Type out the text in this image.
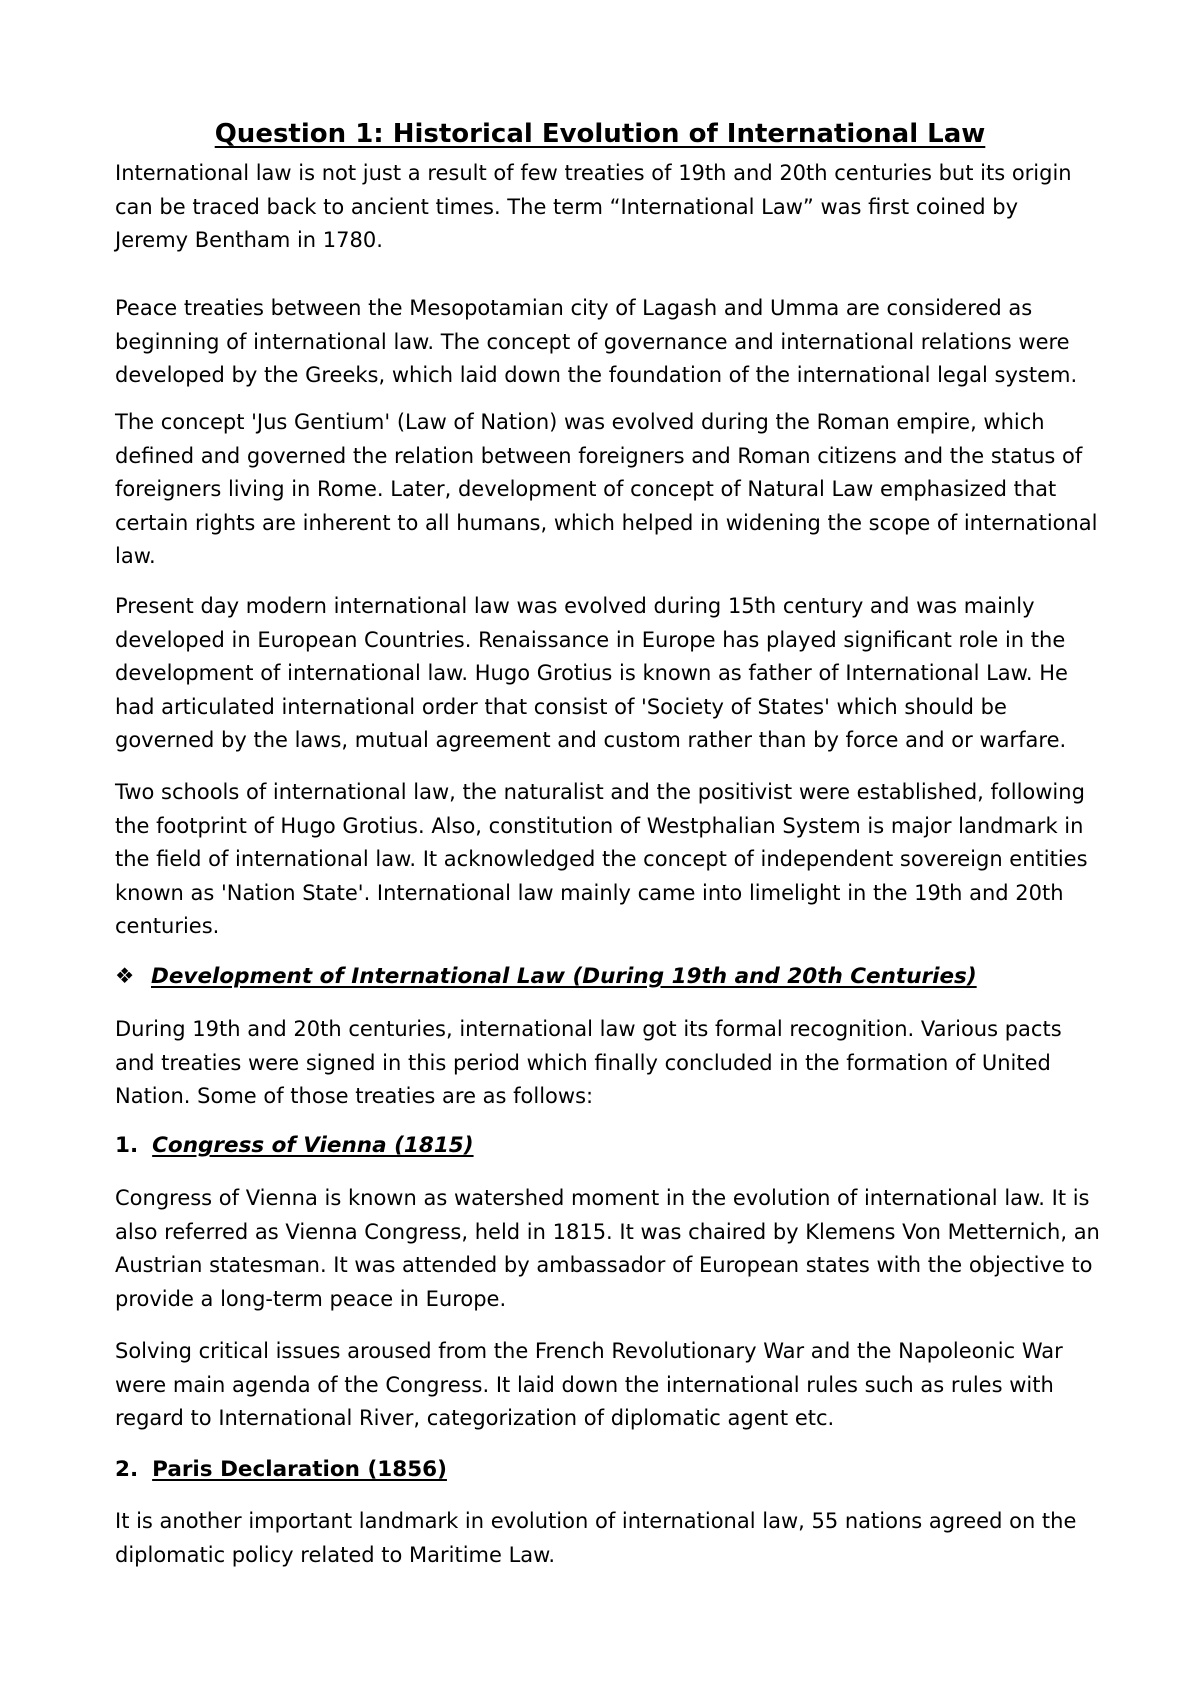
Question 1: Historical Evolution of International Law

International law is not just a result of few treaties of 19th and 20th centuries but its origin
can be traced back to ancient times. The term “International Law” was first coined by
Jeremy Bentham in 1780.

Peace treaties between the Mesopotamian city of Lagash and Umma are considered as
beginning of international law. The concept of governance and international relations were
developed by the Greeks, which laid down the foundation of the international legal system.

The concept 'Jus Gentium' (Law of Nation) was evolved during the Roman empire, which
defined and governed the relation between foreigners and Roman citizens and the status of
foreigners living in Rome. Later, development of concept of Natural Law emphasized that
certain rights are inherent to all humans, which helped in widening the scope of international
law.

Present day modern international law was evolved during 15th century and was mainly
developed in European Countries. Renaissance in Europe has played significant role in the
development of international law. Hugo Grotius is known as father of International Law. He
had articulated international order that consist of 'Society of States' which should be
governed by the laws, mutual agreement and custom rather than by force and or warfare.

Two schools of international law, the naturalist and the positivist were established, following
the footprint of Hugo Grotius. Also, constitution of Westphalian System is major landmark in
the field of international law. It acknowledged the concept of independent sovereign entities
known as 'Nation State'. International law mainly came into limelight in the 19th and 20th
centuries.

❖ Development of International Law (During 19th and 20th Centuries)

During 19th and 20th centuries, international law got its formal recognition. Various pacts
and treaties were signed in this period which finally concluded in the formation of United
Nation. Some of those treaties are as follows:

1. Congress of Vienna (1815)

Congress of Vienna is known as watershed moment in the evolution of international law. It is
also referred as Vienna Congress, held in 1815. It was chaired by Klemens Von Metternich, an
Austrian statesman. It was attended by ambassador of European states with the objective to
provide a long-term peace in Europe.

Solving critical issues aroused from the French Revolutionary War and the Napoleonic War
were main agenda of the Congress. It laid down the international rules such as rules with
regard to International River, categorization of diplomatic agent etc.

2. Paris Declaration (1856)

It is another important landmark in evolution of international law, 55 nations agreed on the
diplomatic policy related to Maritime Law.
